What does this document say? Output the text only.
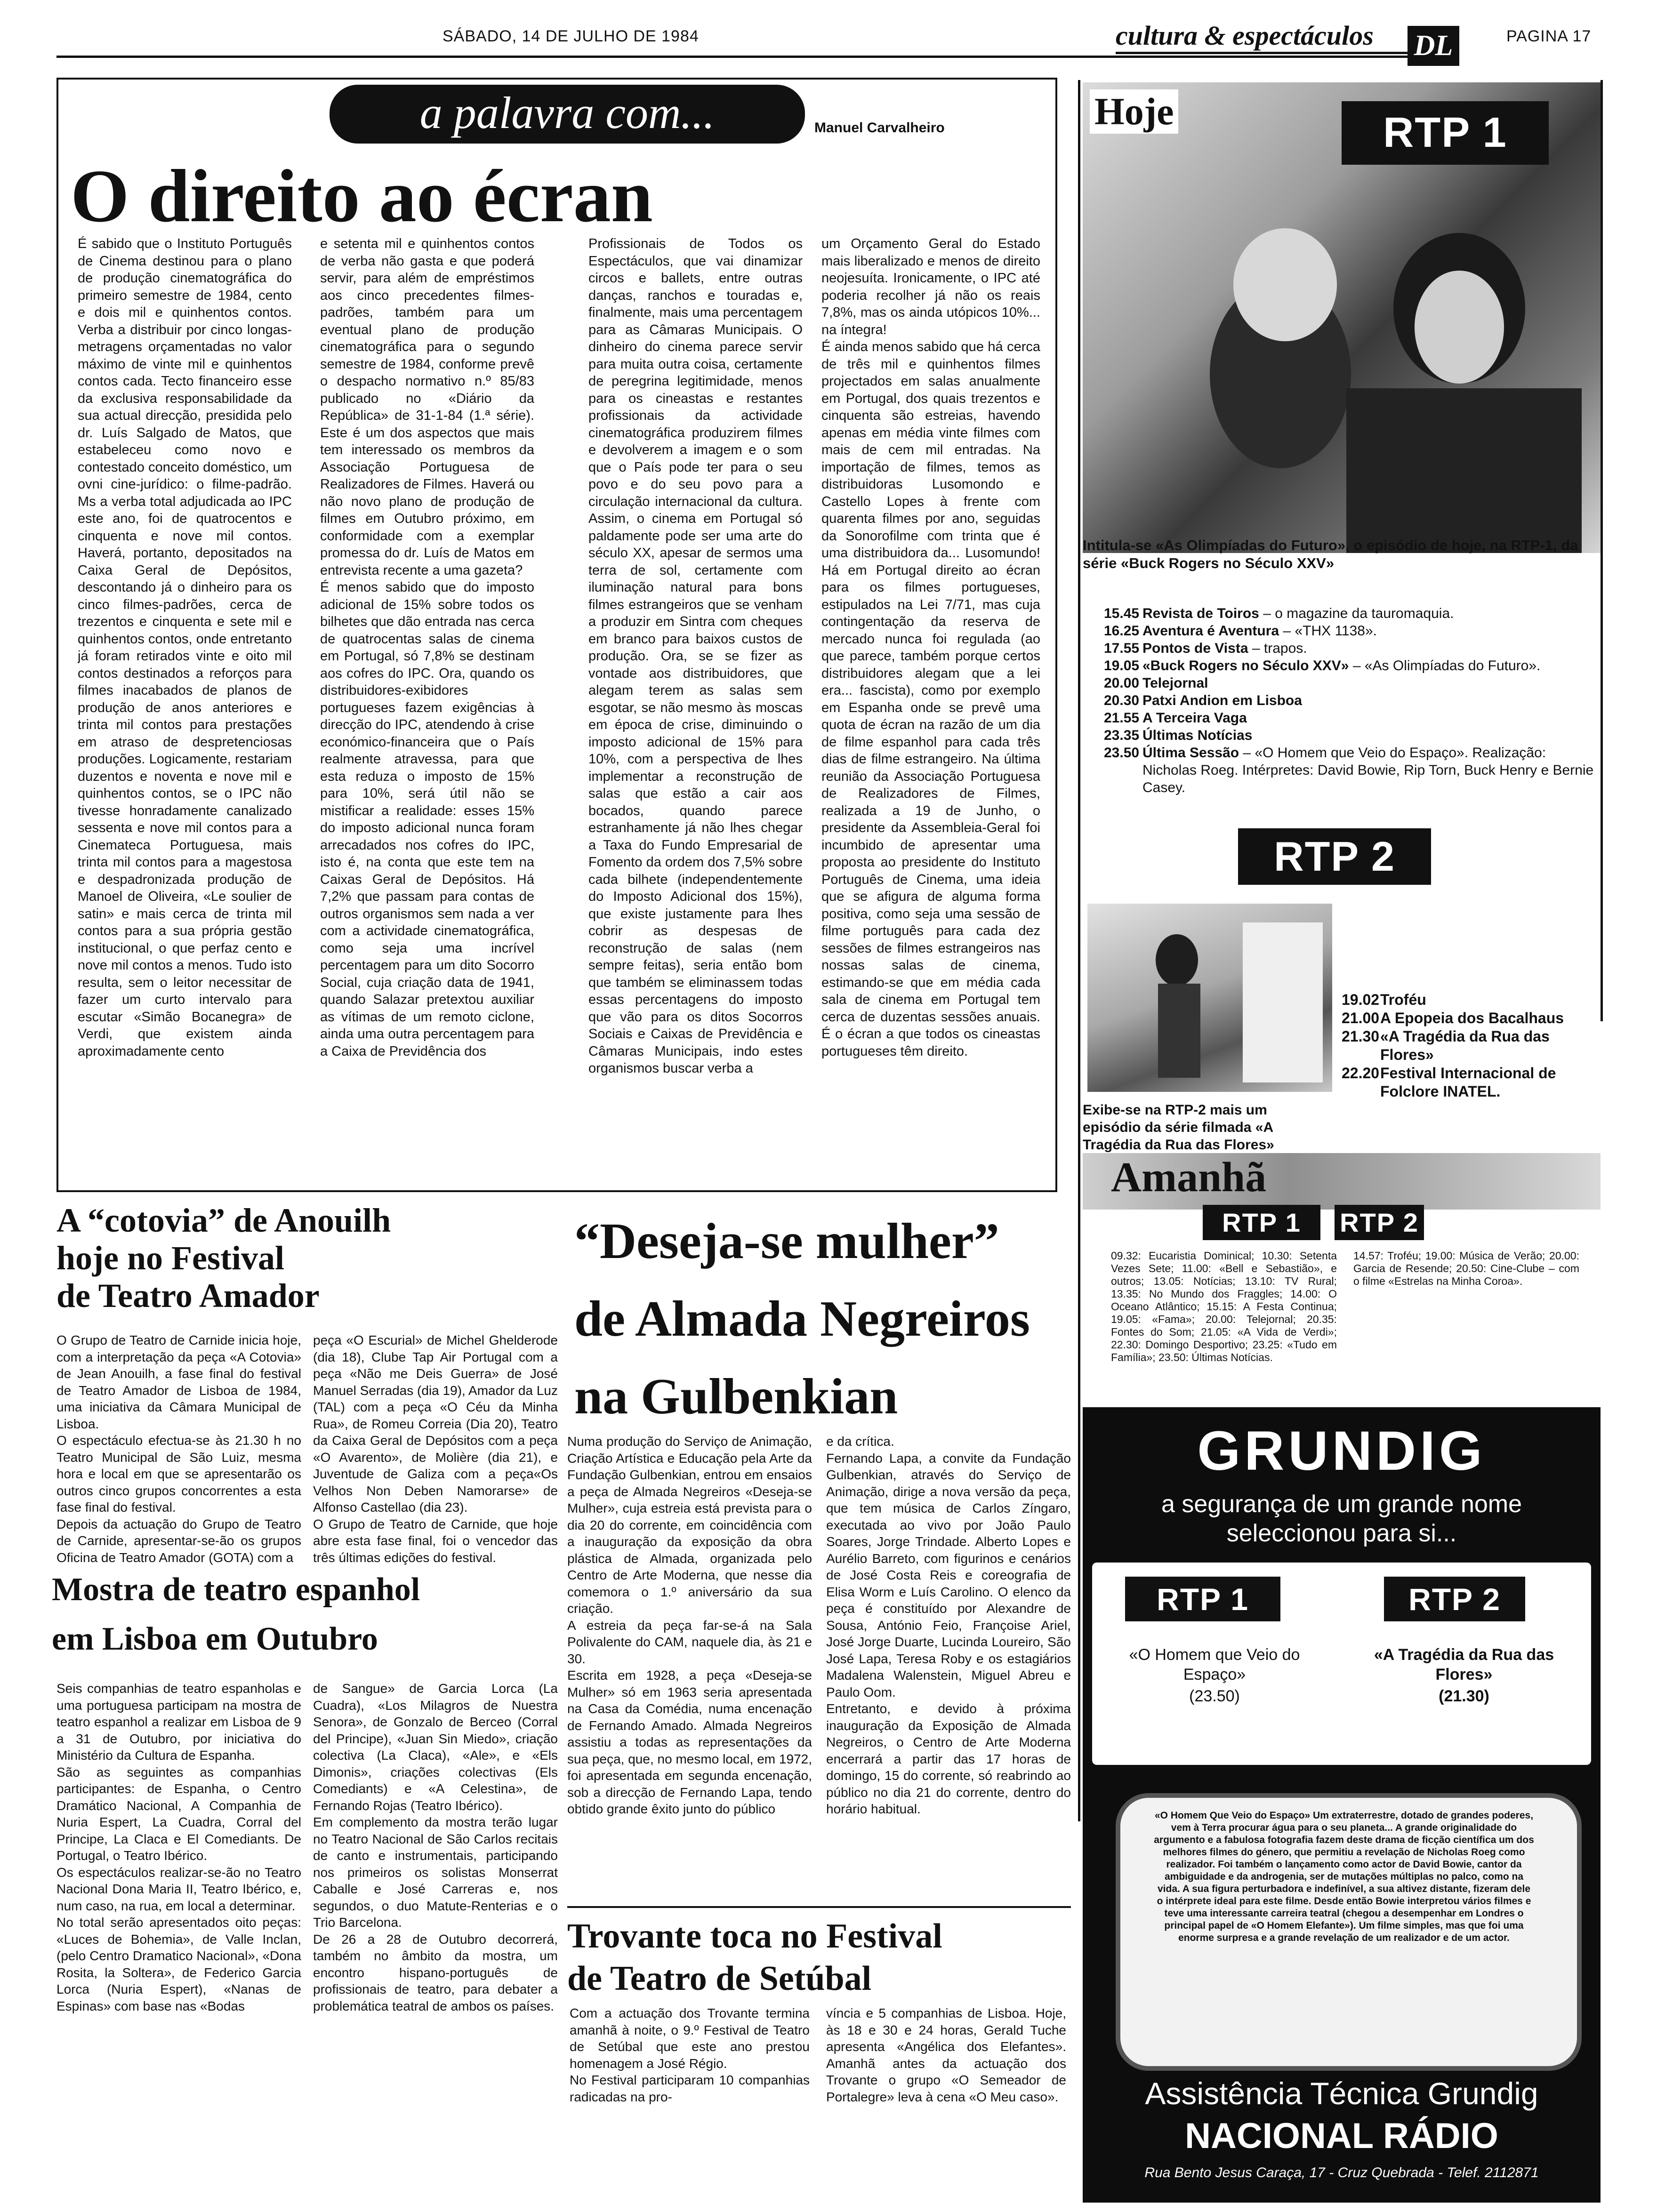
SÁBADO, 14 DE JULHO DE 1984	cultura & espectáculos DL	PAGINA 17
a palavra com...	Manuel Carvalheiro
O direito ao écran
É sabido que o Instituto Português de Cinema destinou para o plano de produção cinematográfica do primeiro semestre de 1984, cento e dois mil e quinhentos contos. Verba a distribuir por cinco longas-metragens orçamentadas no valor máximo de vinte mil e quinhentos contos cada. Tecto financeiro esse da exclusiva responsabilidade da sua actual direcção, presidida pelo dr. Luís Salgado de Matos, que estabeleceu como novo e contestado conceito doméstico, um ovni cine-jurídico: o filme-padrão. Ms a verba total adjudicada ao IPC este ano, foi de quatrocentos e cinquenta e nove mil contos. Haverá, portanto, depositados na Caixa Geral de Depósitos, descontando já o dinheiro para os cinco filmes-padrões, cerca de trezentos e cinquenta e sete mil e quinhentos contos, onde entretanto já foram retirados vinte e oito mil contos destinados a reforços para filmes inacabados de planos de produção de anos anteriores e trinta mil contos para prestações em atraso de despretenciosas produções. Logicamente, restariam duzentos e noventa e nove mil e quinhentos contos, se o IPC não tivesse honradamente canalizado sessenta e nove mil contos para a Cinemateca Portuguesa, mais trinta mil contos para a magestosa e despadronizada produção de Manoel de Oliveira, «Le soulier de satin» e mais cerca de trinta mil contos para a sua própria gestão institucional, o que perfaz cento e nove mil contos a menos. Tudo isto resulta, sem o leitor necessitar de fazer um curto intervalo para escutar «Simão Bocanegra» de Verdi, que existem ainda aproximadamente cento
e setenta mil e quinhentos contos de verba não gasta e que poderá servir, para além de empréstimos aos cinco precedentes filmes-padrões, também para um eventual plano de produção cinematográfica para o segundo semestre de 1984, conforme prevê o despacho normativo n.º 85/83 publicado no «Diário da República» de 31-1-84 (1.ª série). Este é um dos aspectos que mais tem interessado os membros da Associação Portuguesa de Realizadores de Filmes. Haverá ou não novo plano de produção de filmes em Outubro próximo, em conformidade com a exemplar promessa do dr. Luís de Matos em entrevista recente a uma gazeta?
É menos sabido que do imposto adicional de 15% sobre todos os bilhetes que dão entrada nas cerca de quatrocentas salas de cinema em Portugal, só 7,8% se destinam aos cofres do IPC. Ora, quando os distribuidores-exibidores portugueses fazem exigências à direcção do IPC, atendendo à crise económico-financeira que o País realmente atravessa, para que esta reduza o imposto de 15% para 10%, será útil não se mistificar a realidade: esses 15% do imposto adicional nunca foram arrecadados nos cofres do IPC, isto é, na conta que este tem na Caixas Geral de Depósitos. Há 7,2% que passam para contas de outros organismos sem nada a ver com a actividade cinematográfica, como seja uma incrível percentagem para um dito Socorro Social, cuja criação data de 1941, quando Salazar pretextou auxiliar as vítimas de um remoto ciclone, ainda uma outra percentagem para a Caixa de Previdência dos
Profissionais de Todos os Espectáculos, que vai dinamizar circos e ballets, entre outras danças, ranchos e touradas e, finalmente, mais uma percentagem para as Câmaras Municipais. O dinheiro do cinema parece servir para muita outra coisa, certamente de peregrina legitimidade, menos para os cineastas e restantes profissionais da actividade cinematográfica produzirem filmes e devolverem a imagem e o som que o País pode ter para o seu povo e do seu povo para a circulação internacional da cultura. Assim, o cinema em Portugal só paldamente pode ser uma arte do século XX, apesar de sermos uma terra de sol, certamente com iluminação natural para bons filmes estrangeiros que se venham a produzir em Sintra com cheques em branco para baixos custos de produção. Ora, se se fizer as vontade aos distribuidores, que alegam terem as salas sem esgotar, se não mesmo às moscas em época de crise, diminuindo o imposto adicional de 15% para 10%, com a perspectiva de lhes implementar a reconstrução de salas que estão a cair aos bocados, quando parece estranhamente já não lhes chegar a Taxa do Fundo Empresarial de Fomento da ordem dos 7,5% sobre cada bilhete (independentemente do Imposto Adicional dos 15%), que existe justamente para lhes cobrir as despesas de reconstrução de salas (nem sempre feitas), seria então bom que também se eliminassem todas essas percentagens do imposto que vão para os ditos Socorros Sociais e Caixas de Previdência e Câmaras Municipais, indo estes organismos buscar verba a
um Orçamento Geral do Estado mais liberalizado e menos de direito neojesuíta. Ironicamente, o IPC até poderia recolher já não os reais 7,8%, mas os ainda utópicos 10%... na íntegra!
É ainda menos sabido que há cerca de três mil e quinhentos filmes projectados em salas anualmente em Portugal, dos quais trezentos e cinquenta são estreias, havendo apenas em média vinte filmes com mais de cem mil entradas. Na importação de filmes, temos as distribuidoras Lusomondo e Castello Lopes à frente com quarenta filmes por ano, seguidas da Sonorofilme com trinta que é uma distribuidora da... Lusomundo! Há em Portugal direito ao écran para os filmes portugueses, estipulados na Lei 7/71, mas cuja contingentação da reserva de mercado nunca foi regulada (ao que parece, também porque certos distribuidores alegam que a lei era... fascista), como por exemplo em Espanha onde se prevê uma quota de écran na razão de um dia de filme espanhol para cada três dias de filme estrangeiro. Na última reunião da Associação Portuguesa de Realizadores de Filmes, realizada a 19 de Junho, o presidente da Assembleia-Geral foi incumbido de apresentar uma proposta ao presidente do Instituto Português de Cinema, uma ideia que se afigura de alguma forma positiva, como seja uma sessão de filme português para cada dez sessões de filmes estrangeiros nas nossas salas de cinema, estimando-se que em média cada sala de cinema em Portugal tem cerca de duzentas sessões anuais. É o écran a que todos os cineastas portugueses têm direito.
A “cotovia” de Anouilh
hoje no Festival
de Teatro Amador
O Grupo de Teatro de Carnide inicia hoje, com a interpretação da peça «A Cotovia» de Jean Anouilh, a fase final do festival de Teatro Amador de Lisboa de 1984, uma iniciativa da Câmara Municipal de Lisboa.
O espectáculo efectua-se às 21.30 h no Teatro Municipal de São Luiz, mesma hora e local em que se apresentarão os outros cinco grupos concorrentes a esta fase final do festival.
Depois da actuação do Grupo de Teatro de Carnide, apresentar-se-ão os grupos Oficina de Teatro Amador (GOTA) com a
peça «O Escurial» de Michel Ghelderode (dia 18), Clube Tap Air Portugal com a peça «Não me Deis Guerra» de José Manuel Serradas (dia 19), Amador da Luz (TAL) com a peça «O Céu da Minha Rua», de Romeu Correia (Dia 20), Teatro da Caixa Geral de Depósitos com a peça «O Avarento», de Molière (dia 21), e Juventude de Galiza com a peça«Os Velhos Non Deben Namorarse» de Alfonso Castellao (dia 23).
O Grupo de Teatro de Carnide, que hoje abre esta fase final, foi o vencedor das três últimas edições do festival.
Mostra de teatro espanhol
em Lisboa em Outubro
Seis companhias de teatro espanholas e uma portuguesa participam na mostra de teatro espanhol a realizar em Lisboa de 9 a 31 de Outubro, por iniciativa do Ministério da Cultura de Espanha.
São as seguintes as companhias participantes: de Espanha, o Centro Dramático Nacional, A Companhia de Nuria Espert, La Cuadra, Corral del Principe, La Claca e El Comediants. De Portugal, o Teatro Ibérico.
Os espectáculos realizar-se-ão no Teatro Nacional Dona Maria II, Teatro Ibérico, e, num caso, na rua, em local a determinar.
No total serão apresentados oito peças: «Luces de Bohemia», de Valle Inclan, (pelo Centro Dramatico Nacional», «Dona Rosita, la Soltera», de Federico Garcia Lorca (Nuria Espert), «Nanas de Espinas» com base nas «Bodas
de Sangue» de Garcia Lorca (La Cuadra), «Los Milagros de Nuestra Senora», de Gonzalo de Berceo (Corral del Principe), «Juan Sin Miedo», criação colectiva (La Claca), «Ale», e «Els Dimonis», criações colectivas (Els Comediants) e «A Celestina», de Fernando Rojas (Teatro Ibérico).
Em complemento da mostra terão lugar no Teatro Nacional de São Carlos recitais de canto e instrumentais, participando nos primeiros os solistas Monserrat Caballe e José Carreras e, nos segundos, o duo Matute-Renterias e o Trio Barcelona.
De 26 a 28 de Outubro decorrerá, também no âmbito da mostra, um encontro hispano-português de profissionais de teatro, para debater a problemática teatral de ambos os países.
“Deseja-se mulher”
de Almada Negreiros
na Gulbenkian
Numa produção do Serviço de Animação, Criação Artística e Educação pela Arte da Fundação Gulbenkian, entrou em ensaios a peça de Almada Negreiros «Deseja-se Mulher», cuja estreia está prevista para o dia 20 do corrente, em coincidência com a inauguração da exposição da obra plástica de Almada, organizada pelo Centro de Arte Moderna, que nesse dia comemora o 1.º aniversário da sua criação.
A estreia da peça far-se-á na Sala Polivalente do CAM, naquele dia, às 21 e 30.
Escrita em 1928, a peça «Deseja-se Mulher» só em 1963 seria apresentada na Casa da Comédia, numa encenação de Fernando Amado. Almada Negreiros assistiu a todas as representações da sua peça, que, no mesmo local, em 1972, foi apresentada em segunda encenação, sob a direcção de Fernando Lapa, tendo obtido grande êxito junto do público
e da crítica.
Fernando Lapa, a convite da Fundação Gulbenkian, através do Serviço de Animação, dirige a nova versão da peça, que tem música de Carlos Zíngaro, executada ao vivo por João Paulo Soares, Jorge Trindade. Alberto Lopes e Aurélio Barreto, com figurinos e cenários de José Costa Reis e coreografia de Elisa Worm e Luís Carolino. O elenco da peça é constituído por Alexandre de Sousa, António Feio, Françoise Ariel, José Jorge Duarte, Lucinda Loureiro, São José Lapa, Teresa Roby e os estagiários Madalena Walenstein, Miguel Abreu e Paulo Oom.
Entretanto, e devido à próxima inauguração da Exposição de Almada Negreiros, o Centro de Arte Moderna encerrará a partir das 17 horas de domingo, 15 do corrente, só reabrindo ao público no dia 21 do corrente, dentro do horário habitual.
Trovante toca no Festival
de Teatro de Setúbal
Com a actuação dos Trovante termina amanhã à noite, o 9.º Festival de Teatro de Setúbal que este ano prestou homenagem a José Régio.
No Festival participaram 10 companhias radicadas na pro-
víncia e 5 companhias de Lisboa. Hoje, às 18 e 30 e 24 horas, Gerald Tuche apresenta «Angélica dos Elefantes». Amanhã antes da actuação dos Trovante o grupo «O Semeador de Portalegre» leva à cena «O Meu caso».
Hoje	RTP 1
Intitula-se «As Olimpíadas do Futuro», o episódio de hoje, na RTP-1, da série «Buck Rogers no Século XXV»
15.45 Revista de Toiros – o magazine da tauromaquia.
16.25 Aventura é Aventura – «THX 1138».
17.55 Pontos de Vista – trapos.
19.05 «Buck Rogers no Século XXV» – «As Olimpíadas do Futuro».
20.00 Telejornal
20.30 Patxi Andion em Lisboa
21.55 A Terceira Vaga
23.35 Últimas Notícias
23.50 Última Sessão – «O Homem que Veio do Espaço». Realização: Nicholas Roeg. Intérpretes: David Bowie, Rip Torn, Buck Henry e Bernie Casey.
RTP 2
Exibe-se na RTP-2 mais um episódio da série filmada «A Tragédia da Rua das Flores»
19.02 Troféu
21.00 A Epopeia dos Bacalhaus
21.30 «A Tragédia da Rua das Flores»
22.20 Festival Internacional de Folclore INATEL.
Amanhã
RTP 1	RTP 2
09.32: Eucaristia Dominical; 10.30: Setenta Vezes Sete; 11.00: «Bell e Sebastião», e outros; 13.05: Notícias; 13.10: TV Rural; 13.35: No Mundo dos Fraggles; 14.00: O Oceano Atlântico; 15.15: A Festa Continua; 19.05: «Fama»; 20.00: Telejornal; 20.35: Fontes do Som; 21.05: «A Vida de Verdi»; 22.30: Domingo Desportivo; 23.25: «Tudo em Família»; 23.50: Últimas Notícias.
14.57: Troféu; 19.00: Música de Verão; 20.00: Garcia de Resende; 20.50: Cine-Clube – com o filme «Estrelas na Minha Coroa».
GRUNDIG
a segurança de um grande nome seleccionou para si...
RTP 1	RTP 2
«O Homem que Veio do Espaço»
(23.50)
«A Tragédia da Rua das Flores»
(21.30)
«O Homem Que Veio do Espaço» Um extraterrestre, dotado de grandes poderes, vem à Terra procurar água para o seu planeta... A grande originalidade do argumento e a fabulosa fotografia fazem deste drama de ficção científica um dos melhores filmes do género, que permitiu a revelação de Nicholas Roeg como realizador. Foi também o lançamento como actor de David Bowie, cantor da ambiguidade e da androgenia, ser de mutações múltiplas no palco, como na vida. A sua figura perturbadora e indefinível, a sua altivez distante, fizeram dele o intérprete ideal para este filme. Desde então Bowie interpretou vários filmes e teve uma interessante carreira teatral (chegou a desempenhar em Londres o principal papel de «O Homem Elefante»). Um filme simples, mas que foi uma enorme surpresa e a grande revelação de um realizador e de um actor.
Assistência Técnica Grundig
NACIONAL RÁDIO
Rua Bento Jesus Caraça, 17 - Cruz Quebrada - Telef. 2112871
